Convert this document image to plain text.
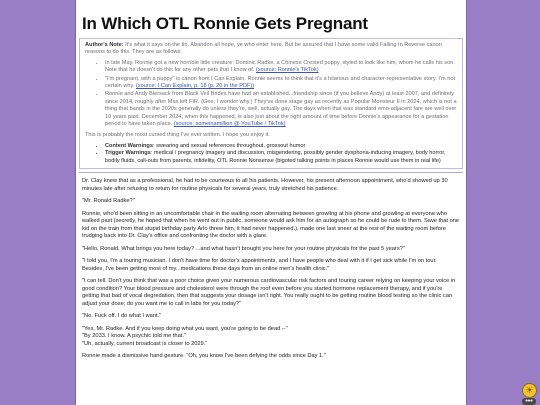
In Which OTL Ronnie Gets Pregnant
Author's Note: It's what it says on the tin. Abandon all hope, ye who enter here. But be assured that I have some valid Falling In Reverse canon reasons to do this. They are as follows:
• In late May, Ronnie got a new horrible little creature: Dominic Radke, a Chinese Crested puppy, styled to look like him, whom he calls his son. Note that he doesn't do this for any other pets that I know of. (source: Ronnie's TikTok)
• "I'm pregnant, with a puppy" is canon from I Can Explain. Ronnie seems to think that it's a hilarious and character-representative story. I'm not certain why. (source: I Can Explain, p. 18 (p. 20 in the PDF))
• Ronnie and Andy Biersack from Black Veil Brides have had an established...friendship since (if you believe Andy) at least 2007, and definitely since 2014, roughly after Max left FIR. (Gee, I wonder why.) They've done stage gay as recently as Popular Monsteur II in 2024, which is not a thing that bands in the 2020s generally do unless they're, well, actually gay. The days when that was standard emo-adjacent fare are well over 10 years past. December 2024, when this happened, is also just about the right amount of time before Donnie's appearance for a gestation period to have taken place. (source: someinamillion @ YouTube / TikTok)
This is probably the most cursed thing I've ever written. I hope you enjoy it.
• Content Warnings: swearing and sexual references throughout, grossout humor
• Trigger Warnings: medical / pregnancy imagery and discussion, misgendering, possibly gender dysphoria-inducing imagery, body horror, bodily fluids, call-outs from parents, infidelity, OTL Ronnie Nonsense (bigoted talking points in places Ronnie would use them in real life)

Dr. Clay knew that as a professional, he had to be courteous to all his patients. However, his present afternoon appointment, who'd showed up 30 minutes late after refusing to return for routine physicals for several years, truly stretched his patience.

"Mr. Ronald Radke?"

Ronnie, who'd been sitting in an uncomfortable chair in the waiting room alternating between growling at his phone and growling at everyone who walked past (secretly, he hoped that when he went out in public, someone would ask him for an autograph so he could be rude to them. Save that one kid on the train from that stupid birthday party Arlo threw him, it had never happened.), made one last sneer at the rest of the waiting room before trudging back into Dr. Clay's office and confronting the doctor with a glare.

"Hello, Ronald. What brings you here today? ...and what hasn't brought you here for your routine physicals for the past 5 years?"

"I told you, I'm a touring musician. I don't have time for doctor's appointments, and I have people who deal with it if I get sick while I'm on tour. Besides, I've been getting most of my...medications these days from an online men's health clinic."

"I can tell. Don't you think that was a poor choice given your numerous cardiovascular risk factors and touring career relying on keeping your voice in good condition? Your blood pressure and cholesterol were through the roof even before you started hormone replacement therapy, and if you're getting that bad of vocal degredation, then that suggests your dosage isn't right. You really ought to be getting routine blood testing so the clinic can adjust your dose; do you want me to call in labs for you today?"

"No. Fuck off. I do what I want."

"Yes, Mr. Radke. And if you keep doing what you want, you're going to be dead --"
"By 2033. I know. A psychic told me that."
"Uh, actually, current broadcast is closer to 2029."

Ronnie made a dismissive hand gesture. "Oh, you know I've been defying the odds since Day 1."

☀
•••
